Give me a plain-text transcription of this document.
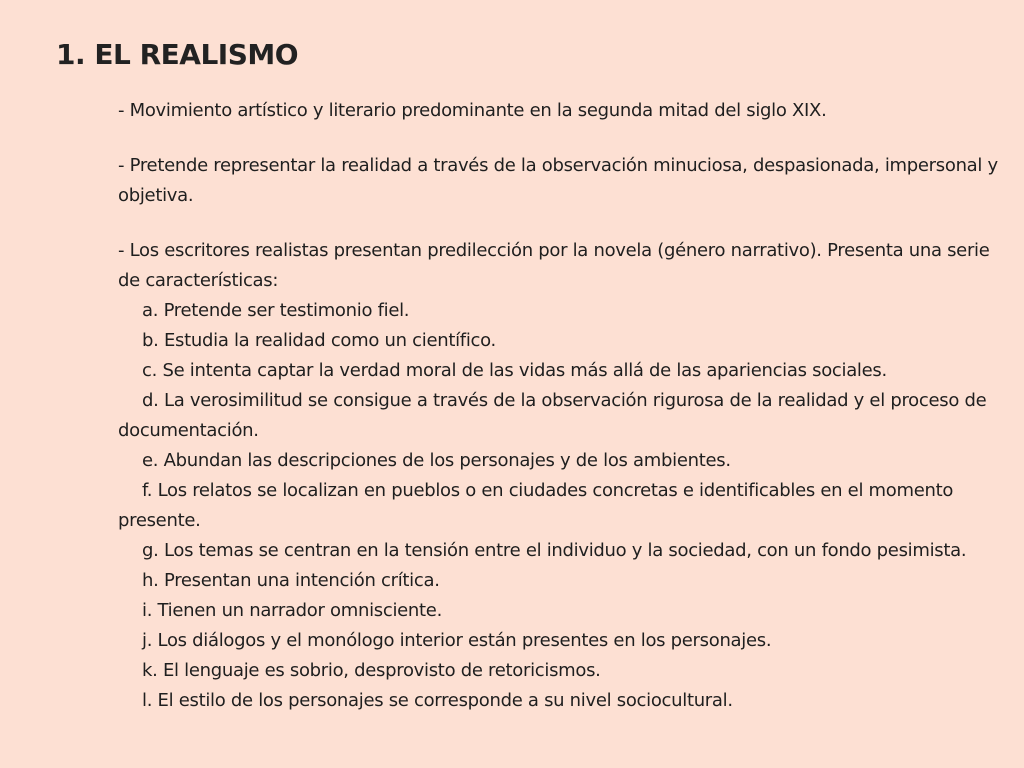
1. EL REALISMO

- Movimiento artístico y literario predominante en la segunda mitad del siglo XIX.

- Pretende representar la realidad a través de la observación minuciosa, despasionada, impersonal y objetiva.

- Los escritores realistas presentan predilección por la novela (género narrativo). Presenta una serie de características:
a. Pretende ser testimonio fiel.
b. Estudia la realidad como un científico.
c. Se intenta captar la verdad moral de las vidas más allá de las apariencias sociales.
d. La verosimilitud se consigue a través de la observación rigurosa de la realidad y el proceso de documentación.
e. Abundan las descripciones de los personajes y de los ambientes.
f. Los relatos se localizan en pueblos o en ciudades concretas e identificables en el momento presente.
g. Los temas se centran en la tensión entre el individuo y la sociedad, con un fondo pesimista.
h. Presentan una intención crítica.
i. Tienen un narrador omnisciente.
j. Los diálogos y el monólogo interior están presentes en los personajes.
k. El lenguaje es sobrio, desprovisto de retoricismos.
l. El estilo de los personajes se corresponde a su nivel sociocultural.
